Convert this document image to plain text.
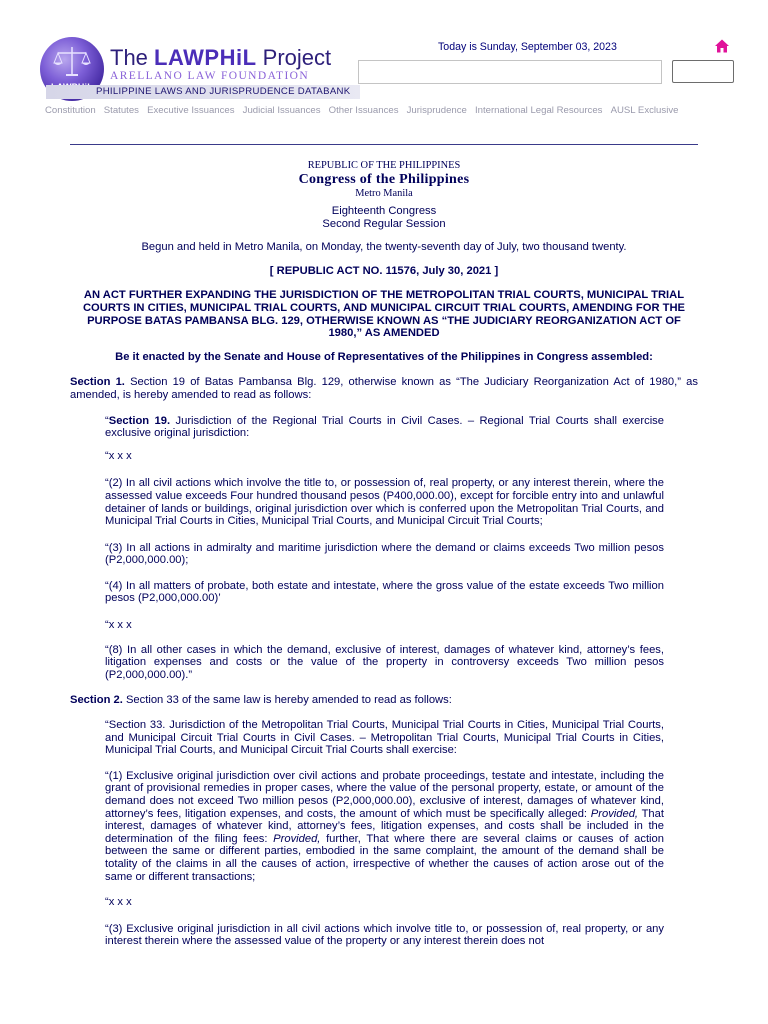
The LAWPHiL Project
ARELLANO LAW FOUNDATION
PHILIPPINE LAWS AND JURISPRUDENCE DATABANK
Today is Sunday, September 03, 2023
Constitution Statutes Executive Issuances Judicial Issuances Other Issuances Jurisprudence International Legal Resources AUSL Exclusive
REPUBLIC OF THE PHILIPPINES
Congress of the Philippines
Metro Manila
Eighteenth Congress
Second Regular Session
Begun and held in Metro Manila, on Monday, the twenty-seventh day of July, two thousand twenty.
[ REPUBLIC ACT NO. 11576, July 30, 2021 ]
AN ACT FURTHER EXPANDING THE JURISDICTION OF THE METROPOLITAN TRIAL COURTS, MUNICIPAL TRIAL COURTS IN CITIES, MUNICIPAL TRIAL COURTS, AND MUNICIPAL CIRCUIT TRIAL COURTS, AMENDING FOR THE PURPOSE BATAS PAMBANSA BLG. 129, OTHERWISE KNOWN AS “THE JUDICIARY REORGANIZATION ACT OF 1980,” AS AMENDED
Be it enacted by the Senate and House of Representatives of the Philippines in Congress assembled:
Section 1. Section 19 of Batas Pambansa Blg. 129, otherwise known as “The Judiciary Reorganization Act of 1980,” as amended, is hereby amended to read as follows:
“Section 19. Jurisdiction of the Regional Trial Courts in Civil Cases. – Regional Trial Courts shall exercise exclusive original jurisdiction:
“x x x
“(2) In all civil actions which involve the title to, or possession of, real property, or any interest therein, where the assessed value exceeds Four hundred thousand pesos (P400,000.00), except for forcible entry into and unlawful detainer of lands or buildings, original jurisdiction over which is conferred upon the Metropolitan Trial Courts, and Municipal Trial Courts in Cities, Municipal Trial Courts, and Municipal Circuit Trial Courts;
“(3) In all actions in admiralty and maritime jurisdiction where the demand or claims exceeds Two million pesos (P2,000,000.00);
“(4) In all matters of probate, both estate and intestate, where the gross value of the estate exceeds Two million pesos (P2,000,000.00)’
“x x x
“(8) In all other cases in which the demand, exclusive of interest, damages of whatever kind, attorney’s fees, litigation expenses and costs or the value of the property in controversy exceeds Two million pesos (P2,000,000.00).”
Section 2. Section 33 of the same law is hereby amended to read as follows:
“Section 33. Jurisdiction of the Metropolitan Trial Courts, Municipal Trial Courts in Cities, Municipal Trial Courts, and Municipal Circuit Trial Courts in Civil Cases. – Metropolitan Trial Courts, Municipal Trial Courts in Cities, Municipal Trial Courts, and Municipal Circuit Trial Courts shall exercise:
“(1) Exclusive original jurisdiction over civil actions and probate proceedings, testate and intestate, including the grant of provisional remedies in proper cases, where the value of the personal property, estate, or amount of the demand does not exceed Two million pesos (P2,000,000.00), exclusive of interest, damages of whatever kind, attorney’s fees, litigation expenses, and costs, the amount of which must be specifically alleged: Provided, That interest, damages of whatever kind, attorney’s fees, litigation expenses, and costs shall be included in the determination of the filing fees: Provided, further, That where there are several claims or causes of action between the same or different parties, embodied in the same complaint, the amount of the demand shall be totality of the claims in all the causes of action, irrespective of whether the causes of action arose out of the same or different transactions;
“x x x
“(3) Exclusive original jurisdiction in all civil actions which involve title to, or possession of, real property, or any interest therein where the assessed value of the property or any interest therein does not
